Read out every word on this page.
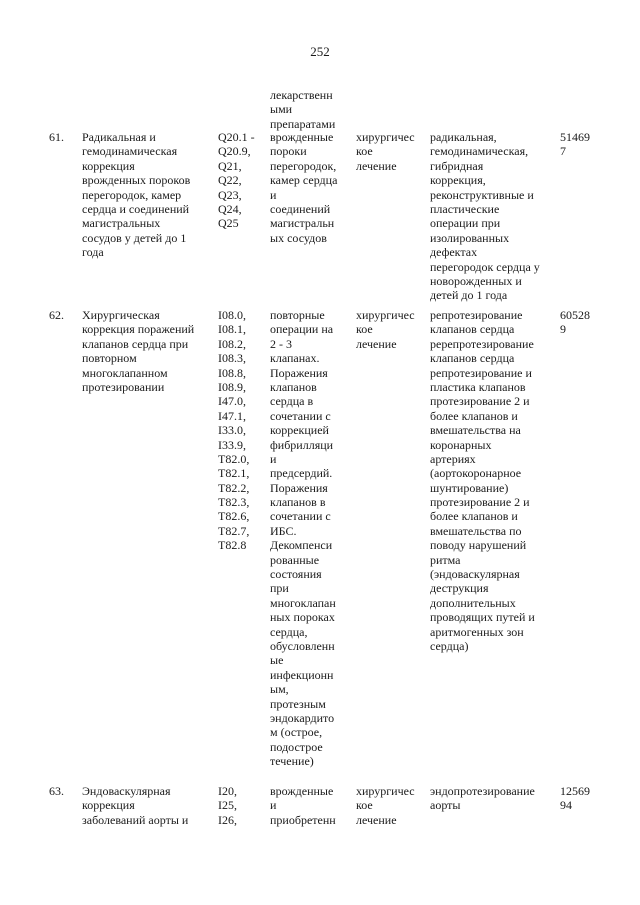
252
лекарственн
ыми
препаратами
61. Радикальная и
гемодинамическая
коррекция
врожденных пороков
перегородок, камер
сердца и соединений
магистральных
сосудов у детей до 1
года
Q20.1 -
Q20.9,
Q21,
Q22,
Q23,
Q24,
Q25
врожденные
пороки
перегородок,
камер сердца
и
соединений
магистральн
ых сосудов
хирургичес
кое
лечение
радикальная,
гемодинамическая,
гибридная
коррекция,
реконструктивные и
пластические
операции при
изолированных
дефектах
перегородок сердца у
новорожденных и
детей до 1 года
51469
7
62. Хирургическая
коррекция поражений
клапанов сердца при
повторном
многоклапанном
протезировании
I08.0,
I08.1,
I08.2,
I08.3,
I08.8,
I08.9,
I47.0,
I47.1,
I33.0,
I33.9,
T82.0,
T82.1,
T82.2,
T82.3,
T82.6,
T82.7,
T82.8
повторные
операции на
2 - 3
клапанах.
Поражения
клапанов
сердца в
сочетании с
коррекцией
фибрилляци
и
предсердий.
Поражения
клапанов в
сочетании с
ИБС.
Декомпенси
рованные
состояния
при
многоклапан
ных пороках
сердца,
обусловленн
ые
инфекционн
ым,
протезным
эндокардито
м (острое,
подострое
течение)
хирургичес
кое
лечение
репротезирование
клапанов сердца
ререпротезирование
клапанов сердца
репротезирование и
пластика клапанов
протезирование 2 и
более клапанов и
вмешательства на
коронарных
артериях
(аортокоронарное
шунтирование)
протезирование 2 и
более клапанов и
вмешательства по
поводу нарушений
ритма
(эндоваскулярная
деструкция
дополнительных
проводящих путей и
аритмогенных зон
сердца)
60528
9
63. Эндоваскулярная
коррекция
заболеваний аорты и
I20,
I25,
I26,
врожденные
и
приобретенн
хирургичес
кое
лечение
эндопротезирование
аорты
12569
94
